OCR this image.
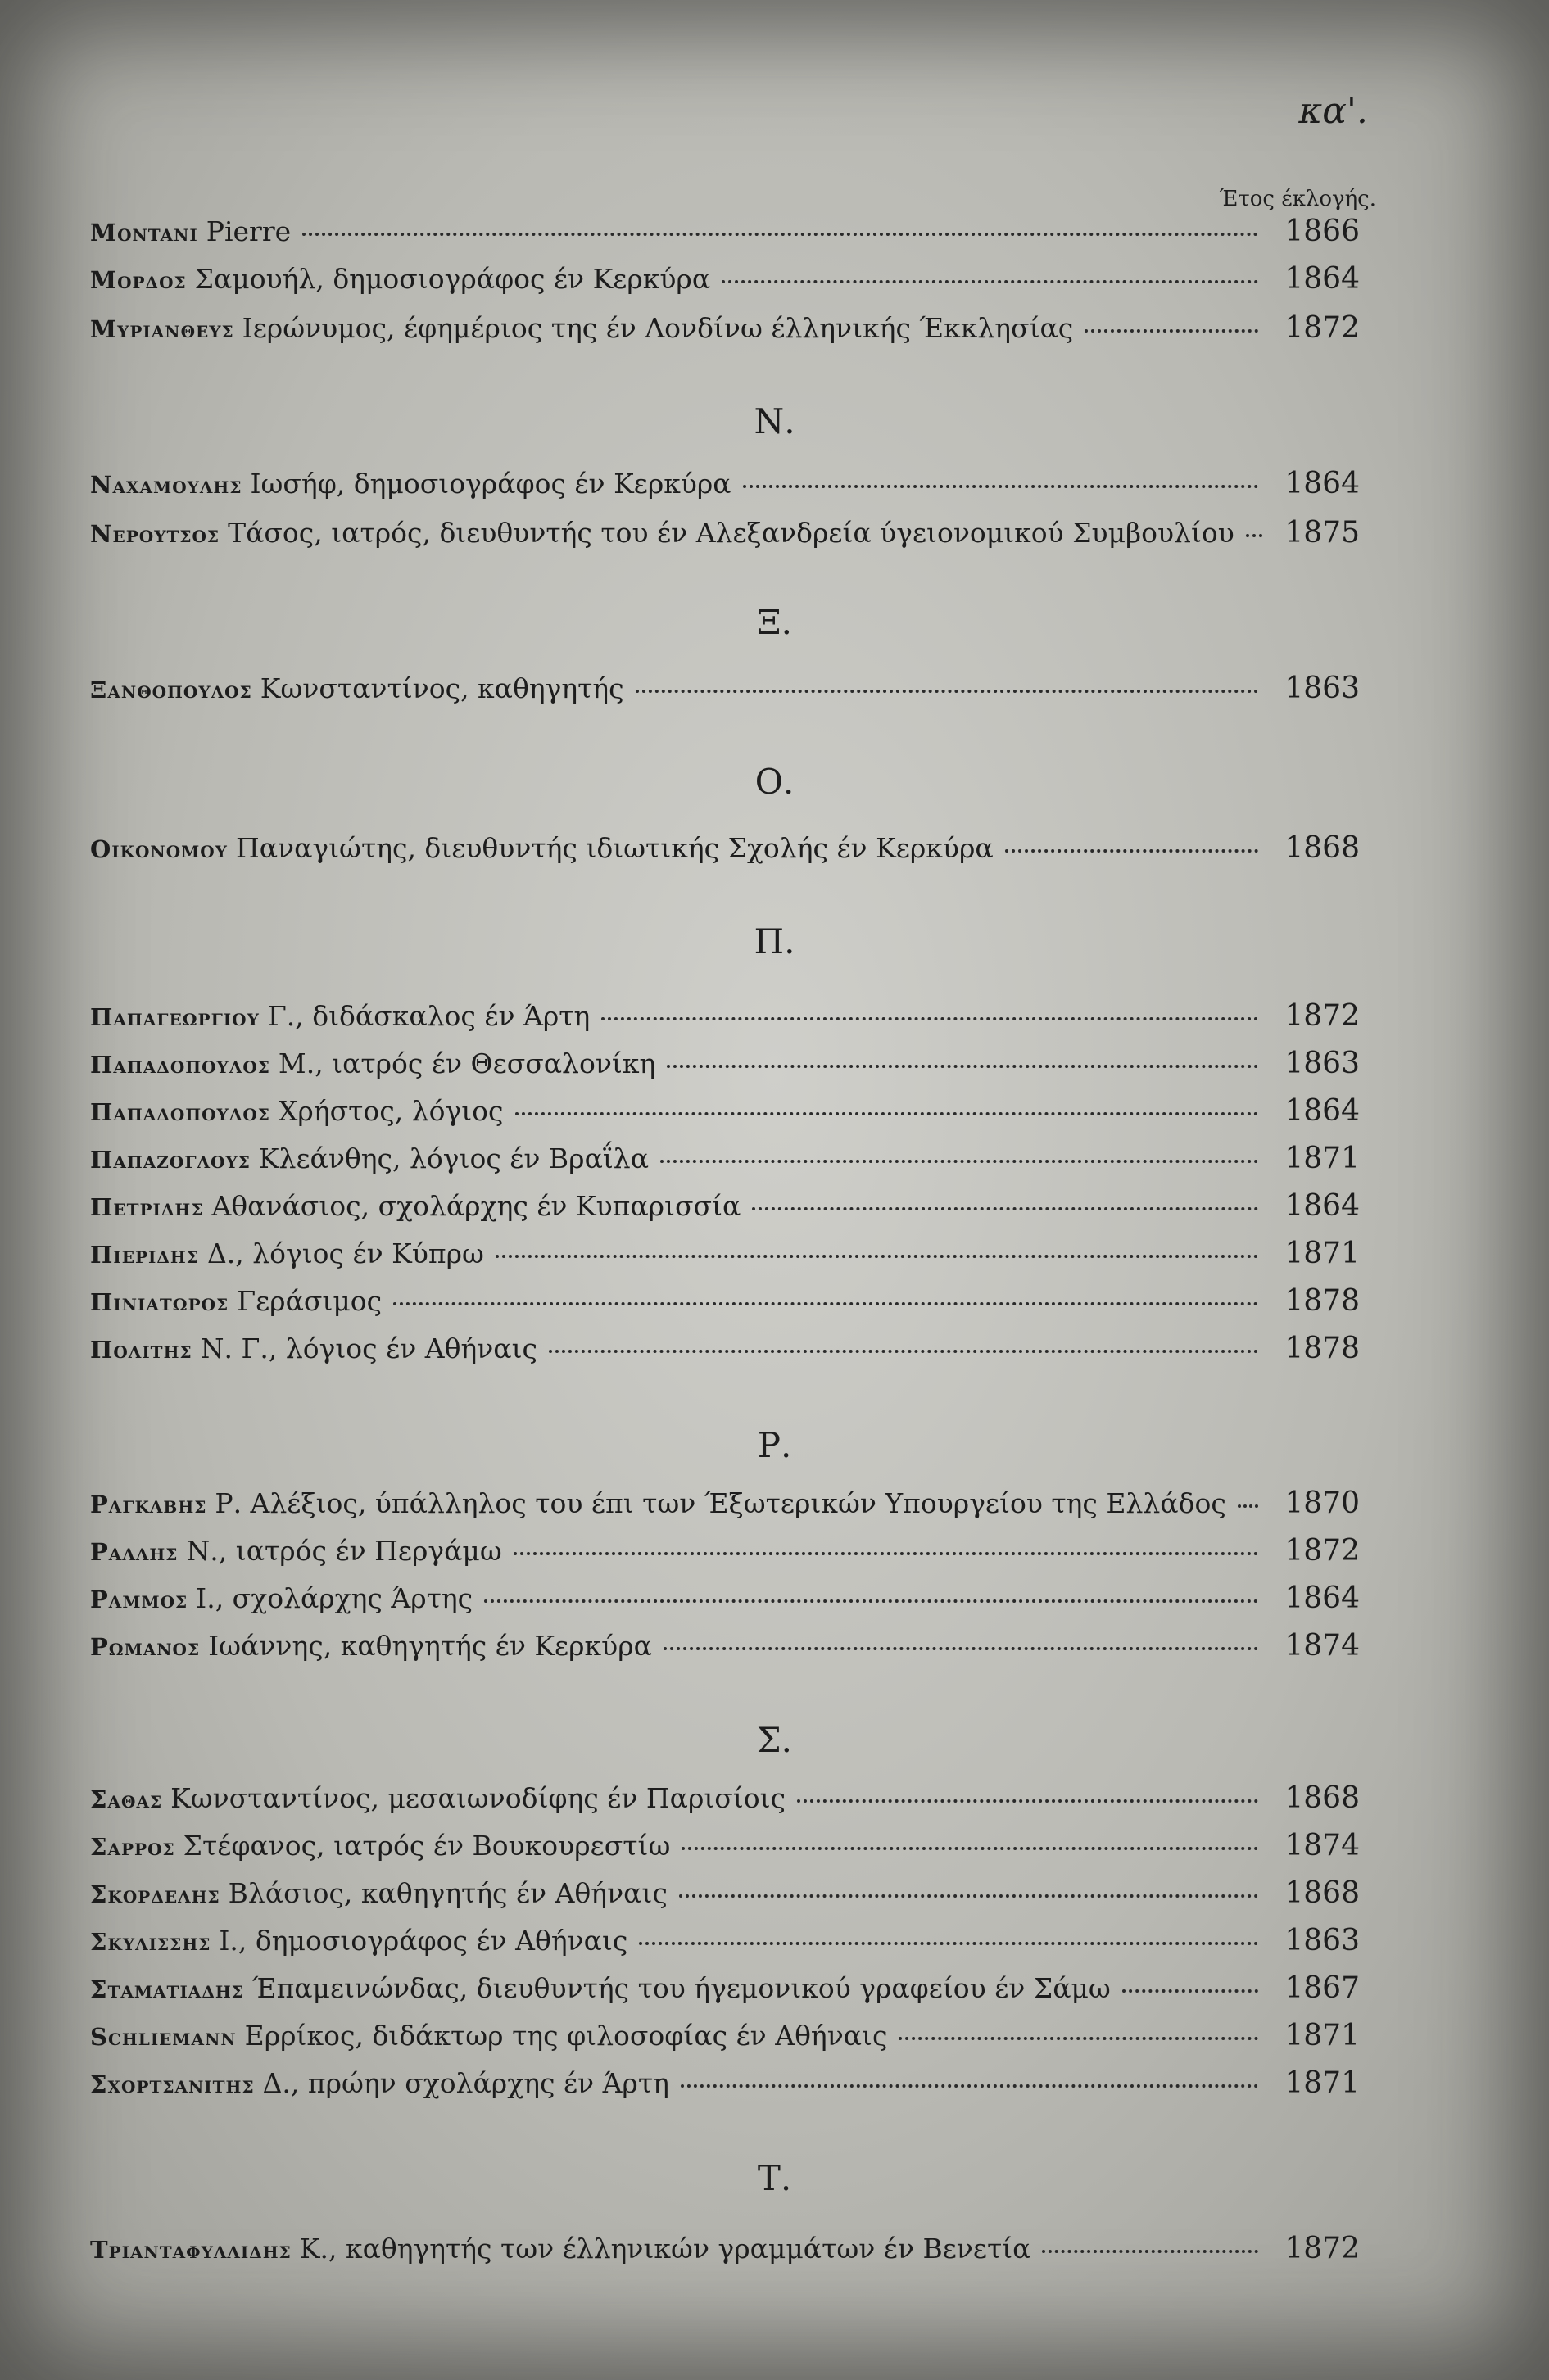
κα'.
Έτος έκλογής.
Montani Pierre	1866
Μορδος Σαμουήλ, δημοσιογράφος έν Κερκύρα	1864
Μυριανθευς Ιερώνυμος, έφημέριος της έν Λονδίνω έλληνικής Έκκλησίας	1872
Ν.
Ναχαμουλης Ιωσήφ, δημοσιογράφος έν Κερκύρα	1864
Νερουτσος Τάσος, ιατρός, διευθυντής του έν Αλεξανδρεία ύγειονομικού Συμβουλίου	1875
Ξ.
Ξανθοπουλος Κωνσταντίνος, καθηγητής	1863
Ο.
Οικονομου Παναγιώτης, διευθυντής ιδιωτικής Σχολής έν Κερκύρα	1868
Π.
Παπαγεωργιου Γ., διδάσκαλος έν Άρτη	1872
Παπαδοπουλος Μ., ιατρός έν Θεσσαλονίκη	1863
Παπαδοπουλος Χρήστος, λόγιος	1864
Παπαζογλους Κλεάνθης, λόγιος έν Βραΐλα	1871
Πετριδης Αθανάσιος, σχολάρχης έν Κυπαρισσία	1864
Πιεριδης Δ., λόγιος έν Κύπρω	1871
Πινιατωρος Γεράσιμος	1878
Πολιτης Ν. Γ., λόγιος έν Αθήναις	1878
Ρ.
Ραγκαβης Ρ. Αλέξιος, ύπάλληλος του έπι των Έξωτερικών Υπουργείου της Ελλάδος	1870
Ραλλης Ν., ιατρός έν Περγάμω	1872
Ραμμος Ι., σχολάρχης Άρτης	1864
Ρωμανος Ιωάννης, καθηγητής έν Κερκύρα	1874
Σ.
Σαθας Κωνσταντίνος, μεσαιωνοδίφης έν Παρισίοις	1868
Σαρρος Στέφανος, ιατρός έν Βουκουρεστίω	1874
Σκορδελης Βλάσιος, καθηγητής έν Αθήναις	1868
Σκυλισσης Ι., δημοσιογράφος έν Αθήναις	1863
Σταματιαδης Έπαμεινώνδας, διευθυντής του ήγεμονικού γραφείου έν Σάμω	1867
Schliemann Ερρίκος, διδάκτωρ της φιλοσοφίας έν Αθήναις	1871
Σχορτσανιτης Δ., πρώην σχολάρχης έν Άρτη	1871
Τ.
Τριανταφυλλιδης Κ., καθηγητής των έλληνικών γραμμάτων έν Βενετία	1872
